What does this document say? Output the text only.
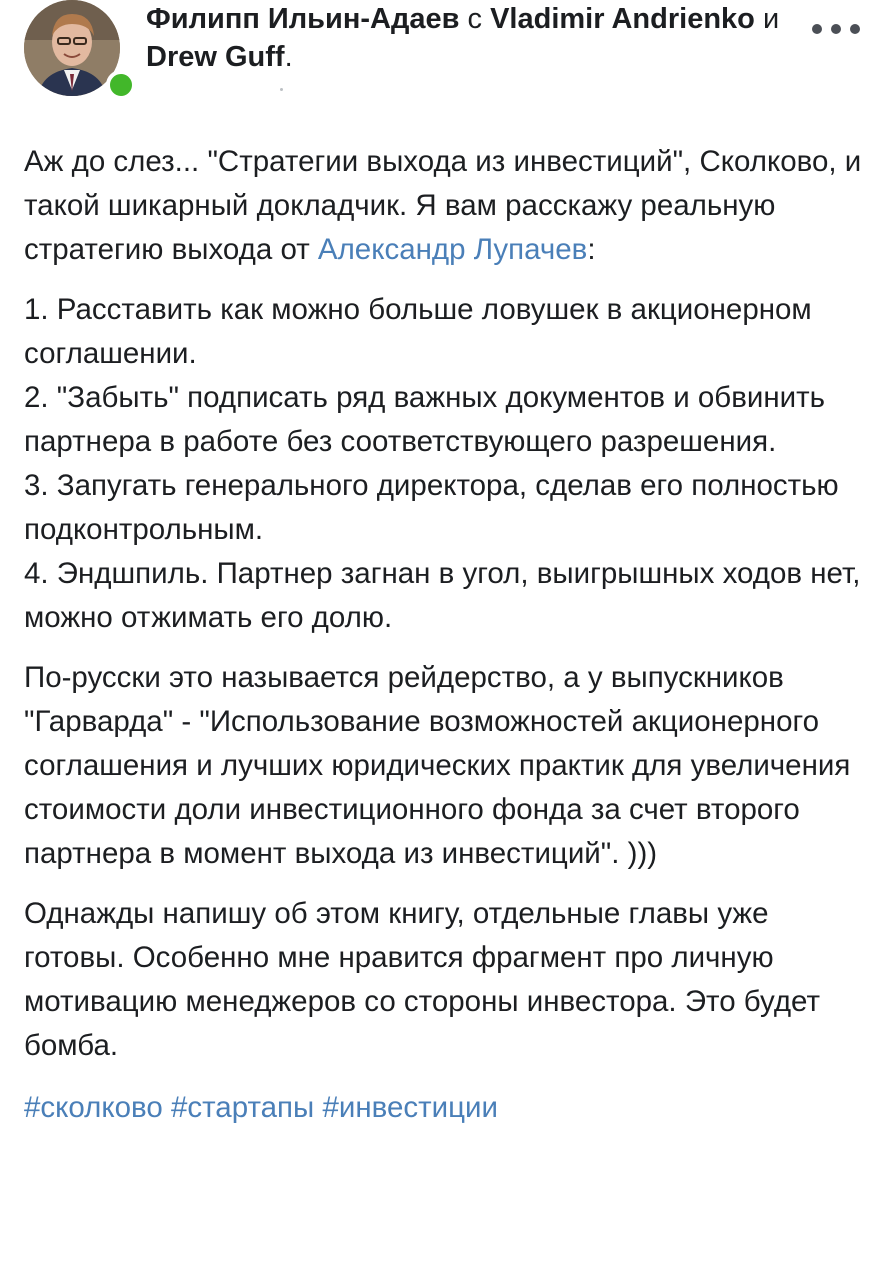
Филипп Ильин-Адаев с Vladimir Andrienko и Drew Guff.

Аж до слез... "Стратегии выхода из инвестиций", Сколково, и такой шикарный докладчик. Я вам расскажу реальную стратегию выхода от Александр Лупачев:

1. Расставить как можно больше ловушек в акционерном соглашении.
2. "Забыть" подписать ряд важных документов и обвинить партнера в работе без соответствующего разрешения.
3. Запугать генерального директора, сделав его полностью подконтрольным.
4. Эндшпиль. Партнер загнан в угол, выигрышных ходов нет, можно отжимать его долю.

По-русски это называется рейдерство, а у выпускников "Гарварда" - "Использование возможностей акционерного соглашения и лучших юридических практик для увеличения стоимости доли инвестиционного фонда за счет второго партнера в момент выхода из инвестиций". )))

Однажды напишу об этом книгу, отдельные главы уже готовы. Особенно мне нравится фрагмент про личную мотивацию менеджеров со стороны инвестора. Это будет бомба.

#сколково #стартапы #инвестиции
